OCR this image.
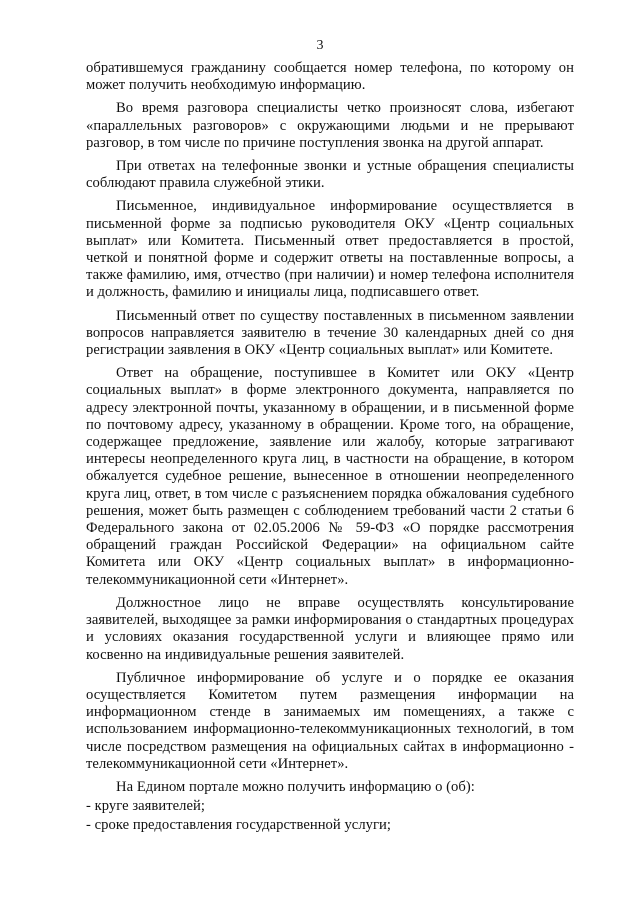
3

обратившемуся гражданину сообщается номер телефона, по которому он может получить необходимую информацию.

Во время разговора специалисты четко произносят слова, избегают «параллельных разговоров» с окружающими людьми и не прерывают разговор, в том числе по причине поступления звонка на другой аппарат.

При ответах на телефонные звонки и устные обращения специалисты соблюдают правила служебной этики.

Письменное, индивидуальное информирование осуществляется в письменной форме за подписью руководителя ОКУ «Центр социальных выплат» или Комитета. Письменный ответ предоставляется в простой, четкой и понятной форме и содержит ответы на поставленные вопросы, а также фамилию, имя, отчество (при наличии) и номер телефона исполнителя и должность, фамилию и инициалы лица, подписавшего ответ.

Письменный ответ по существу поставленных в письменном заявлении вопросов направляется заявителю в течение 30 календарных дней со дня регистрации заявления в ОКУ «Центр социальных выплат» или Комитете.

Ответ на обращение, поступившее в Комитет или ОКУ «Центр социальных выплат» в форме электронного документа, направляется по адресу электронной почты, указанному в обращении, и в письменной форме по почтовому адресу, указанному в обращении. Кроме того, на обращение, содержащее предложение, заявление или жалобу, которые затрагивают интересы неопределенного круга лиц, в частности на обращение, в котором обжалуется судебное решение, вынесенное в отношении неопределенного круга лиц, ответ, в том числе с разъяснением порядка обжалования судебного решения, может быть размещен с соблюдением требований части 2 статьи 6 Федерального закона от 02.05.2006 № 59-ФЗ «О порядке рассмотрения обращений граждан Российской Федерации» на официальном сайте Комитета или ОКУ «Центр социальных выплат» в информационно-телекоммуникационной сети «Интернет».

Должностное лицо не вправе осуществлять консультирование заявителей, выходящее за рамки информирования о стандартных процедурах и условиях оказания государственной услуги и влияющее прямо или косвенно на индивидуальные решения заявителей.

Публичное информирование об услуге и о порядке ее оказания осуществляется Комитетом путем размещения информации на информационном стенде в занимаемых им помещениях, а также с использованием информационно-телекоммуникационных технологий, в том числе посредством размещения на официальных сайтах в информационно - телекоммуникационной сети «Интернет».

На Едином портале можно получить информацию о (об):

- круге заявителей;

- сроке предоставления государственной услуги;
